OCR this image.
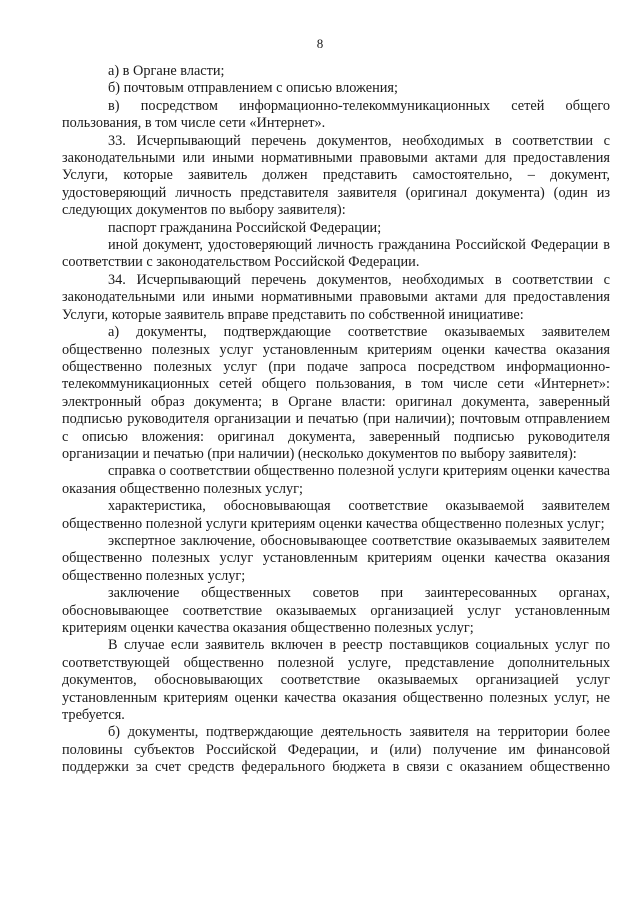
8

а) в Органе власти;

б) почтовым отправлением с описью вложения;

в) посредством информационно-телекоммуникационных сетей общего пользования, в том числе сети «Интернет».

33. Исчерпывающий перечень документов, необходимых в соответствии с законодательными или иными нормативными правовыми актами для предоставления Услуги, которые заявитель должен представить самостоятельно, – документ, удостоверяющий личность представителя заявителя (оригинал документа) (один из следующих документов по выбору заявителя):

паспорт гражданина Российской Федерации;

иной документ, удостоверяющий личность гражданина Российской Федерации в соответствии с законодательством Российской Федерации.

34. Исчерпывающий перечень документов, необходимых в соответствии с законодательными или иными нормативными правовыми актами для предоставления Услуги, которые заявитель вправе представить по собственной инициативе:

а) документы, подтверждающие соответствие оказываемых заявителем общественно полезных услуг установленным критериям оценки качества оказания общественно полезных услуг (при подаче запроса посредством информационно-телекоммуникационных сетей общего пользования, в том числе сети «Интернет»: электронный образ документа; в Органе власти: оригинал документа, заверенный подписью руководителя организации и печатью (при наличии); почтовым отправлением с описью вложения: оригинал документа, заверенный подписью руководителя организации и печатью (при наличии) (несколько документов по выбору заявителя):

справка о соответствии общественно полезной услуги критериям оценки качества оказания общественно полезных услуг;

характеристика, обосновывающая соответствие оказываемой заявителем общественно полезной услуги критериям оценки качества общественно полезных услуг;

экспертное заключение, обосновывающее соответствие оказываемых заявителем общественно полезных услуг установленным критериям оценки качества оказания общественно полезных услуг;

заключение общественных советов при заинтересованных органах, обосновывающее соответствие оказываемых организацией услуг установленным критериям оценки качества оказания общественно полезных услуг;

В случае если заявитель включен в реестр поставщиков социальных услуг по соответствующей общественно полезной услуге, представление дополнительных документов, обосновывающих соответствие оказываемых организацией услуг установленным критериям оценки качества оказания общественно полезных услуг, не требуется.

б) документы, подтверждающие деятельность заявителя на территории более половины субъектов Российской Федерации, и (или) получение им финансовой поддержки за счет средств федерального бюджета в связи с оказанием общественно
